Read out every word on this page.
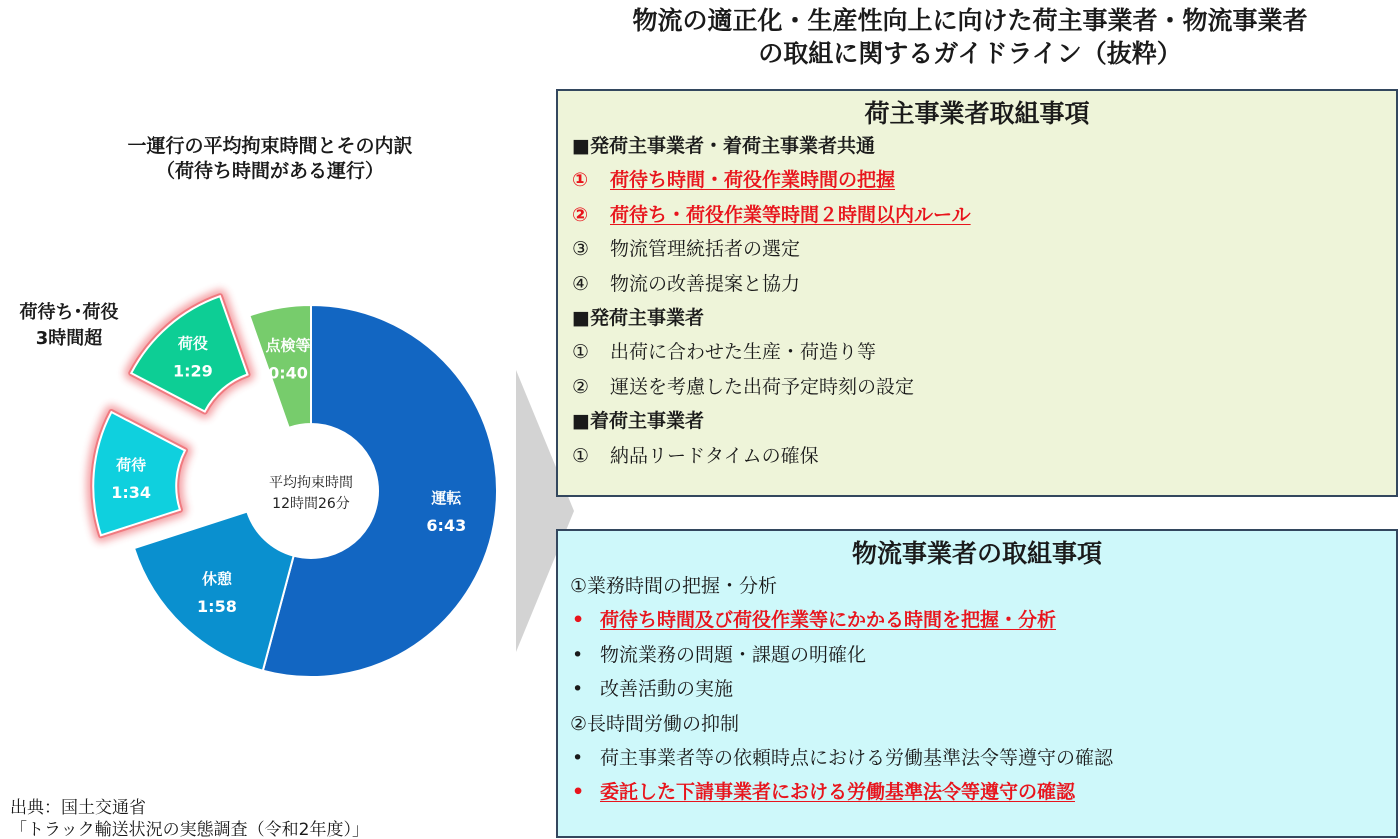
物流の適正化・生産性向上に向けた荷主事業者・物流事業者
の取組に関するガイドライン（抜粋）
一運行の平均拘束時間とその内訳
（荷待ち時間がある運行）
運転
6:43
休憩
1:58
荷待
1:34
荷役
1:29
点検等
0:40
平均拘束時間
12時間26分
荷待ち･荷役
3時間超
出典：国土交通省
「トラック輸送状況の実態調査（令和2年度）」
荷主事業者取組事項
■発荷主事業者・着荷主事業者共通
① 荷待ち時間・荷役作業時間の把握
② 荷待ち・荷役作業等時間２時間以内ルール
③ 物流管理統括者の選定
④ 物流の改善提案と協力
■発荷主事業者
① 出荷に合わせた生産・荷造り等
② 運送を考慮した出荷予定時刻の設定
■着荷主事業者
① 納品リードタイムの確保
物流事業者の取組事項
①業務時間の把握・分析
• 荷待ち時間及び荷役作業等にかかる時間を把握・分析
• 物流業務の問題・課題の明確化
• 改善活動の実施
②長時間労働の抑制
• 荷主事業者等の依頼時点における労働基準法令等遵守の確認
• 委託した下請事業者における労働基準法令等遵守の確認
